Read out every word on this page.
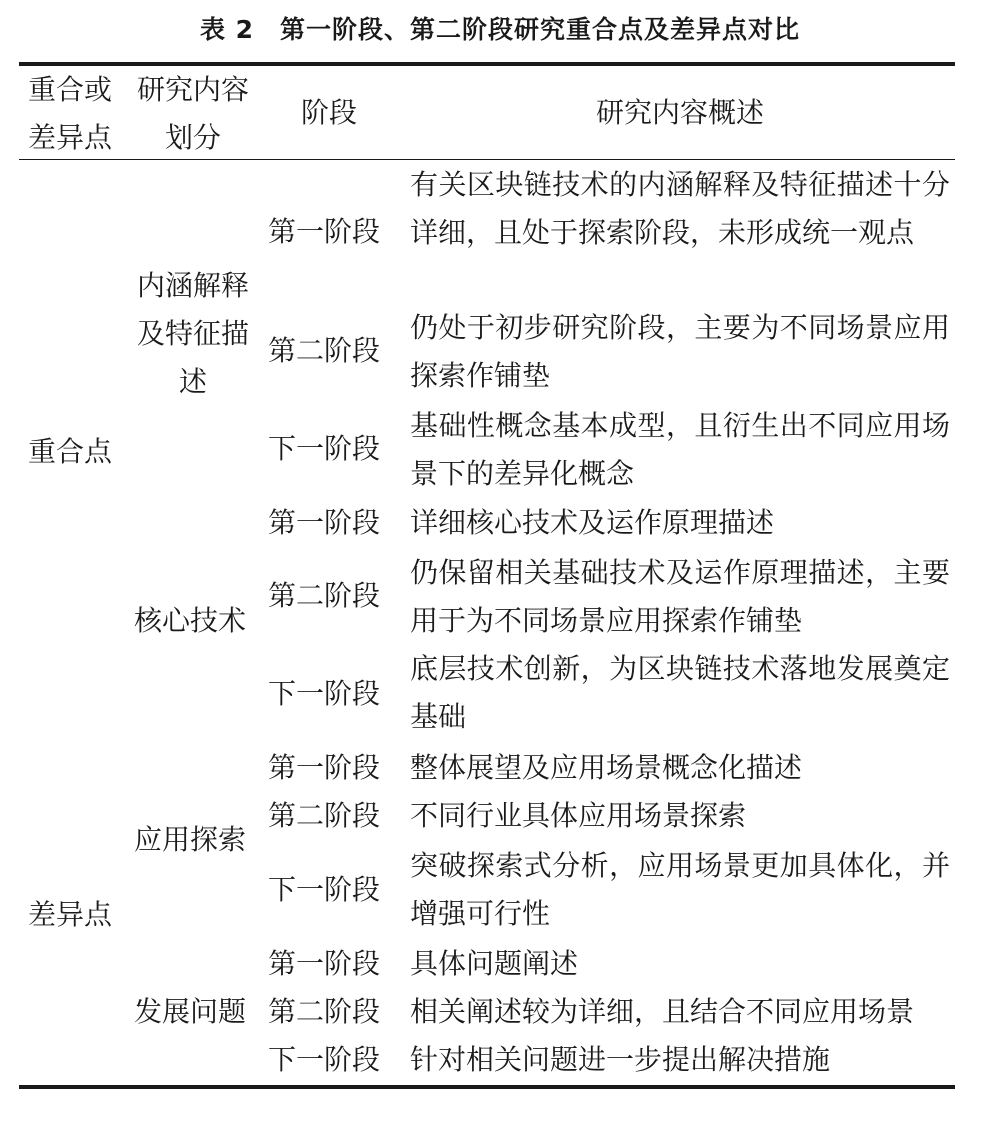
表 2　第一阶段、第二阶段研究重合点及差异点对比
重合或
差异点
研究内容
划分
阶段	研究内容概述
重合点
差异点
内涵解释
及特征描
述
核心技术
应用探索
发展问题
第一阶段
有关区块链技术的内涵解释及特征描述十分详细，且处于探索阶段，未形成统一观点
第二阶段
仍处于初步研究阶段，主要为不同场景应用探索作铺垫
下一阶段
基础性概念基本成型，且衍生出不同应用场景下的差异化概念
第一阶段 详细核心技术及运作原理描述
第二阶段
仍保留相关基础技术及运作原理描述，主要用于为不同场景应用探索作铺垫
下一阶段
底层技术创新，为区块链技术落地发展奠定基础
第一阶段 整体展望及应用场景概念化描述
第二阶段 不同行业具体应用场景探索
下一阶段
突破探索式分析，应用场景更加具体化，并增强可行性
第一阶段 具体问题阐述
第二阶段 相关阐述较为详细，且结合不同应用场景
下一阶段 针对相关问题进一步提出解决措施
